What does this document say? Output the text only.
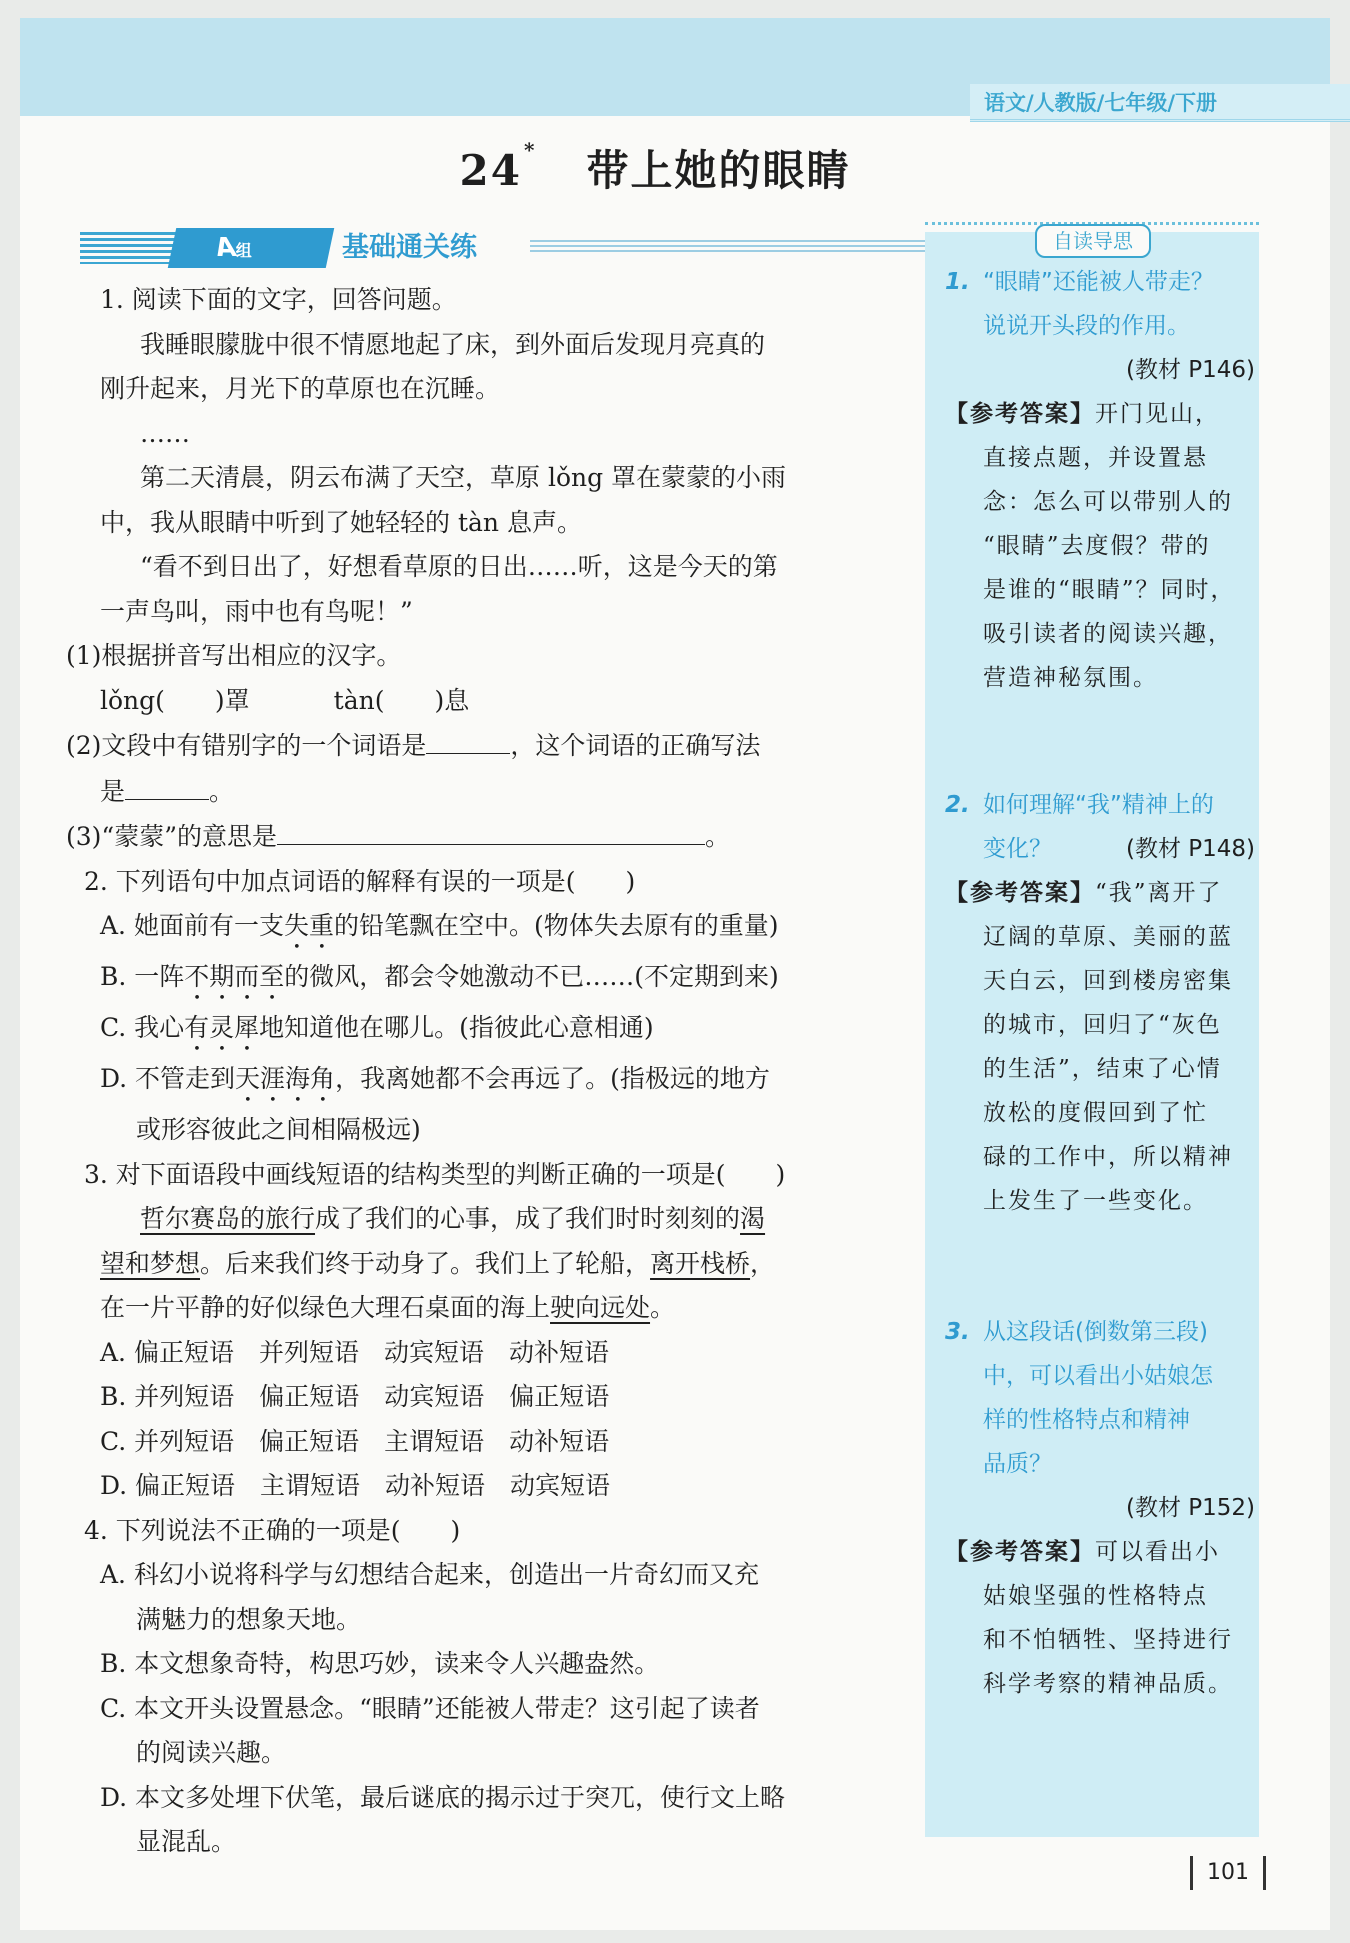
语文/人教版/七年级/下册
24 * 带上她的眼睛
A组	基础通关练
1. 阅读下面的文字，回答问题。
我睡眼朦胧中很不情愿地起了床，到外面后发现月亮真的
刚升起来，月光下的草原也在沉睡。
……
第二天清晨，阴云布满了天空，草原 lǒng 罩在蒙蒙的小雨
中，我从眼睛中听到了她轻轻的 tàn 息声。
“看不到日出了，好想看草原的日出……听，这是今天的第
一声鸟叫，雨中也有鸟呢！”
(1)根据拼音写出相应的汉字。
lǒng( )罩	tàn( )息
(2)文段中有错别字的一个词语是	，这个词语的正确写法
是	。
(3)“蒙蒙”的意思是	。
2. 下列语句中加点词语的解释有误的一项是(　　)
A. 她面前有一支失重的铅笔飘在空中。(物体失去原有的重量)
B. 一阵不期而至的微风，都会令她激动不已……(不定期到来)
C. 我心有灵犀地知道他在哪儿。(指彼此心意相通)
D. 不管走到天涯海角，我离她都不会再远了。(指极远的地方
或形容彼此之间相隔极远)
3. 对下面语段中画线短语的结构类型的判断正确的一项是(　　)
哲尔赛岛的旅行成了我们的心事，成了我们时时刻刻的渴
望和梦想。后来我们终于动身了。我们上了轮船，离开栈桥，
在一片平静的好似绿色大理石桌面的海上驶向远处。
A. 偏正短语　并列短语　动宾短语　动补短语
B. 并列短语　偏正短语　动宾短语　偏正短语
C. 并列短语　偏正短语　主谓短语　动补短语
D. 偏正短语　主谓短语　动补短语　动宾短语
4. 下列说法不正确的一项是(　　)
A. 科幻小说将科学与幻想结合起来，创造出一片奇幻而又充
满魅力的想象天地。
B. 本文想象奇特，构思巧妙，读来令人兴趣盎然。
C. 本文开头设置悬念。“眼睛”还能被人带走？这引起了读者
的阅读兴趣。
D. 本文多处埋下伏笔，最后谜底的揭示过于突兀，使行文上略
显混乱。
自读导思
1. “眼睛”还能被人带走？
说说开头段的作用。
(教材 P146)
【参考答案】开门见山，
直接点题，并设置悬
念：怎么可以带别人的
“眼睛”去度假？带的
是谁的“眼睛”？同时，
吸引读者的阅读兴趣，
营造神秘氛围。
2. 如何理解“我”精神上的
变化？	(教材 P148)
【参考答案】“我”离开了
辽阔的草原、美丽的蓝
天白云，回到楼房密集
的城市，回归了“灰色
的生活”，结束了心情
放松的度假回到了忙
碌的工作中，所以精神
上发生了一些变化。
3. 从这段话(倒数第三段)
中，可以看出小姑娘怎
样的性格特点和精神
品质？
(教材 P152)
【参考答案】可以看出小
姑娘坚强的性格特点
和不怕牺牲、坚持进行
科学考察的精神品质。
101
